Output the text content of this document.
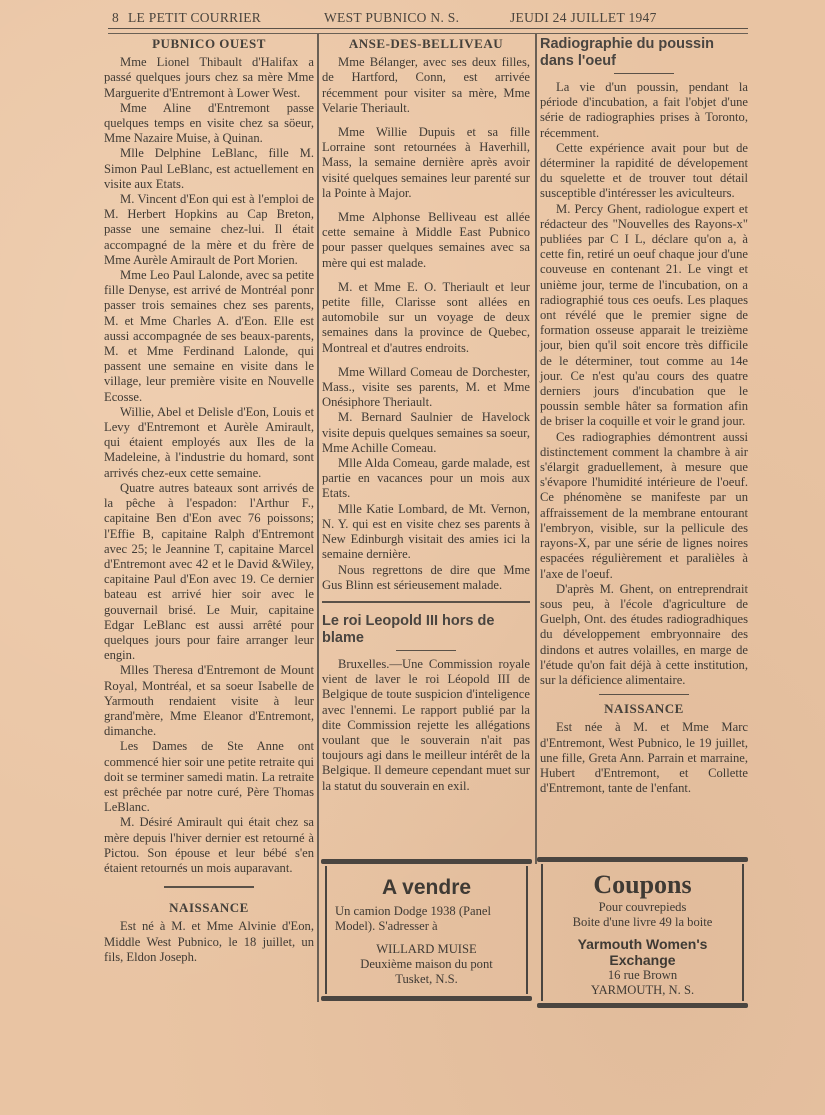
8 LE PETIT COURRIER	WEST PUBNICO N. S.	JEUDI 24 JUILLET 1947
PUBNICO OUEST

Mme Lionel Thibault d'Halifax a passé quelques jours chez sa mère Mme Marguerite d'Entremont à Lower West.

Mme Aline d'Entremont passe quelques temps en visite chez sa söeur, Mme Nazaire Muise, à Quinan.

Mlle Delphine LeBlanc, fille M. Simon Paul LeBlanc, est actuellement en visite aux Etats.

M. Vincent d'Eon qui est à l'emploi de M. Herbert Hopkins au Cap Breton, passe une semaine chez-lui. Il était accompagné de la mère et du frère de Mme Aurèle Amirault de Port Morien.

Mme Leo Paul Lalonde, avec sa petite fille Denyse, est arrivé de Montréal ponr passer trois semaines chez ses parents, M. et Mme Charles A. d'Eon. Elle est aussi accompagnée de ses beaux-parents, M. et Mme Ferdinand Lalonde, qui passent une semaine en visite dans le village, leur première visite en Nouvelle Ecosse.

Willie, Abel et Delisle d'Eon, Louis et Levy d'Entremont et Aurèle Amirault, qui étaient employés aux Iles de la Madeleine, à l'industrie du homard, sont arrivés chez-eux cette semaine.

Quatre autres bateaux sont arrivés de la pêche à l'espadon: l'Arthur F., capitaine Ben d'Eon avec 76 poissons; l'Effie B, capitaine Ralph d'Entremont avec 25; le Jeannine T, capitaine Marcel d'Entremont avec 42 et le David &Wiley, capitaine Paul d'Eon avec 19. Ce dernier bateau est arrivé hier soir avec le gouvernail brisé. Le Muir, capitaine Edgar LeBlanc est aussi arrêté pour quelques jours pour faire arranger leur engin.

Mlles Theresa d'Entremont de Mount Royal, Montréal, et sa soeur Isabelle de Yarmouth rendaient visite à leur grand'mère, Mme Eleanor d'Entremont, dimanche.

Les Dames de Ste Anne ont commencé hier soir une petite retraite qui doit se terminer samedi matin. La retraite est prêchée par notre curé, Père Thomas LeBlanc.

M. Désiré Amirault qui était chez sa mère depuis l'hiver dernier est retourné à Pictou. Son épouse et leur bébé s'en étaient retournés un mois auparavant.

NAISSANCE

Est né à M. et Mme Alvinie d'Eon, Middle West Pubnico, le 18 juillet, un fils, Eldon Joseph.

ANSE-DES-BELLIVEAU

Mme Bélanger, avec ses deux filles, de Hartford, Conn, est arrivée récemment pour visiter sa mère, Mme Velarie Theriault.

Mme Willie Dupuis et sa fille Lorraine sont retournées à Haverhill, Mass, la semaine dernière après avoir visité quelques semaines leur parenté sur la Pointe à Major.

Mme Alphonse Belliveau est allée cette semaine à Middle East Pubnico pour passer quelques semaines avec sa mère qui est malade.

M. et Mme E. O. Theriault et leur petite fille, Clarisse sont allées en automobile sur un voyage de deux semaines dans la province de Quebec, Montreal et d'autres endroits.

Mme Willard Comeau de Dorchester, Mass., visite ses parents, M. et Mme Onésiphore Theriault.

M. Bernard Saulnier de Havelock visite depuis quelques semaines sa soeur, Mme Achille Comeau.

Mlle Alda Comeau, garde malade, est partie en vacances pour un mois aux Etats.

Mlle Katie Lombard, de Mt. Vernon, N. Y. qui est en visite chez ses parents à New Edinburgh visitait des amies ici la semaine dernière.

Nous regrettons de dire que Mme Gus Blinn est sérieusement malade.

Le roi Leopold III hors de blame

Bruxelles.—Une Commission royale vient de laver le roi Léopold III de Belgique de toute suspicion d'inteligence avec l'ennemi. Le rapport publié par la dite Commission rejette les allégations voulant que le souverain n'ait pas toujours agi dans le meilleur intérêt de la Belgique. Il demeure cependant muet sur la statut du souverain en exil.

Radiographie du poussin dans l'oeuf

La vie d'un poussin, pendant la période d'incubation, a fait l'objet d'une série de radiographies prises à Toronto, récemment.

Cette expérience avait pour but de déterminer la rapidité de dévelopement du squelette et de trouver tout détail susceptible d'intéresser les aviculteurs.

M. Percy Ghent, radiologue expert et rédacteur des "Nouvelles des Rayons-x" publiées par C I L, déclare qu'on a, à cette fin, retiré un oeuf chaque jour d'une couveuse en contenant 21. Le vingt et unième jour, terme de l'incubation, on a radiographié tous ces oeufs. Les plaques ont révélé que le premier signe de formation osseuse apparait le treizième jour, bien qu'il soit encore très difficile de le déterminer, tout comme au 14e jour. Ce n'est qu'au cours des quatre derniers jours d'incubation que le poussin semble hâter sa formation afin de briser la coquille et voir le grand jour.

Ces radiographies démontrent aussi distinctement comment la chambre à air s'élargit graduellement, à mesure que s'évapore l'humidité intérieure de l'oeuf. Ce phénomène se manifeste par un affraissement de la membrane entourant l'embryon, visible, sur la pellicule des rayons-X, par une série de lignes noires espacées régulièrement et paralièles à l'axe de l'oeuf.

D'après M. Ghent, on entreprendrait sous peu, à l'école d'agriculture de Guelph, Ont. des études radiogradhiques du développement embryonnaire des dindons et autres volailles, en marge de l'étude qu'on fait déjà à cette institution, sur la déficience alimentaire.

NAISSANCE

Est née à M. et Mme Marc d'Entremont, West Pubnico, le 19 juillet, une fille, Greta Ann. Parrain et marraine, Hubert d'Entremont, et Collette d'Entremont, tante de l'enfant.

A vendre
Un camion Dodge 1938 (Panel Model). S'adresser à
WILLARD MUISE
Deuxième maison du pont
Tusket, N.S.
Coupons
Pour couvrepieds
Boite d'une livre 49 la boite
Yarmouth Women's
Exchange
16 rue Brown
YARMOUTH, N. S.
